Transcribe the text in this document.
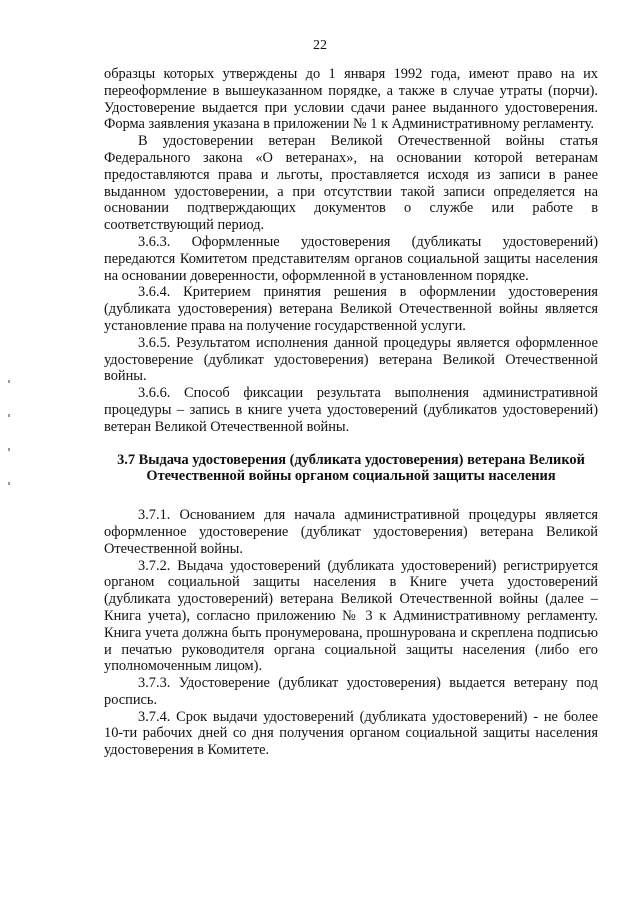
22

образцы которых утверждены до 1 января 1992 года, имеют право на их переоформление в вышеуказанном порядке, а также в случае утраты (порчи). Удостоверение выдается при условии сдачи ранее выданного удостоверения. Форма заявления указана в приложении № 1 к Административному регламенту.

В удостоверении ветеран Великой Отечественной войны статья Федерального закона «О ветеранах», на основании которой ветеранам предоставляются права и льготы, проставляется исходя из записи в ранее выданном удостоверении, а при отсутствии такой записи определяется на основании подтверждающих документов о службе или работе в соответствующий период.

3.6.3. Оформленные удостоверения (дубликаты удостоверений) передаются Комитетом представителям органов социальной защиты населения на основании доверенности, оформленной в установленном порядке.

3.6.4. Критерием принятия решения в оформлении удостоверения (дубликата удостоверения) ветерана Великой Отечественной войны является установление права на получение государственной услуги.

3.6.5. Результатом исполнения данной процедуры является оформленное удостоверение (дубликат удостоверения) ветерана Великой Отечественной войны.

3.6.6. Способ фиксации результата выполнения административной процедуры – запись в книге учета удостоверений (дубликатов удостоверений) ветеран Великой Отечественной войны.

3.7 Выдача удостоверения (дубликата удостоверения) ветерана Великой Отечественной войны органом социальной защиты населения

3.7.1. Основанием для начала административной процедуры является оформленное удостоверение (дубликат удостоверения) ветерана Великой Отечественной войны.

3.7.2. Выдача удостоверений (дубликата удостоверений) регистрируется органом социальной защиты населения в Книге учета удостоверений (дубликата удостоверений) ветерана Великой Отечественной войны (далее – Книга учета), согласно приложению № 3 к Административному регламенту. Книга учета должна быть пронумерована, прошнурована и скреплена подписью и печатью руководителя органа социальной защиты населения (либо его уполномоченным лицом).

3.7.3. Удостоверение (дубликат удостоверения) выдается ветерану под роспись.

3.7.4. Срок выдачи удостоверений (дубликата удостоверений) - не более 10-ти рабочих дней со дня получения органом социальной защиты населения удостоверения в Комитете.
